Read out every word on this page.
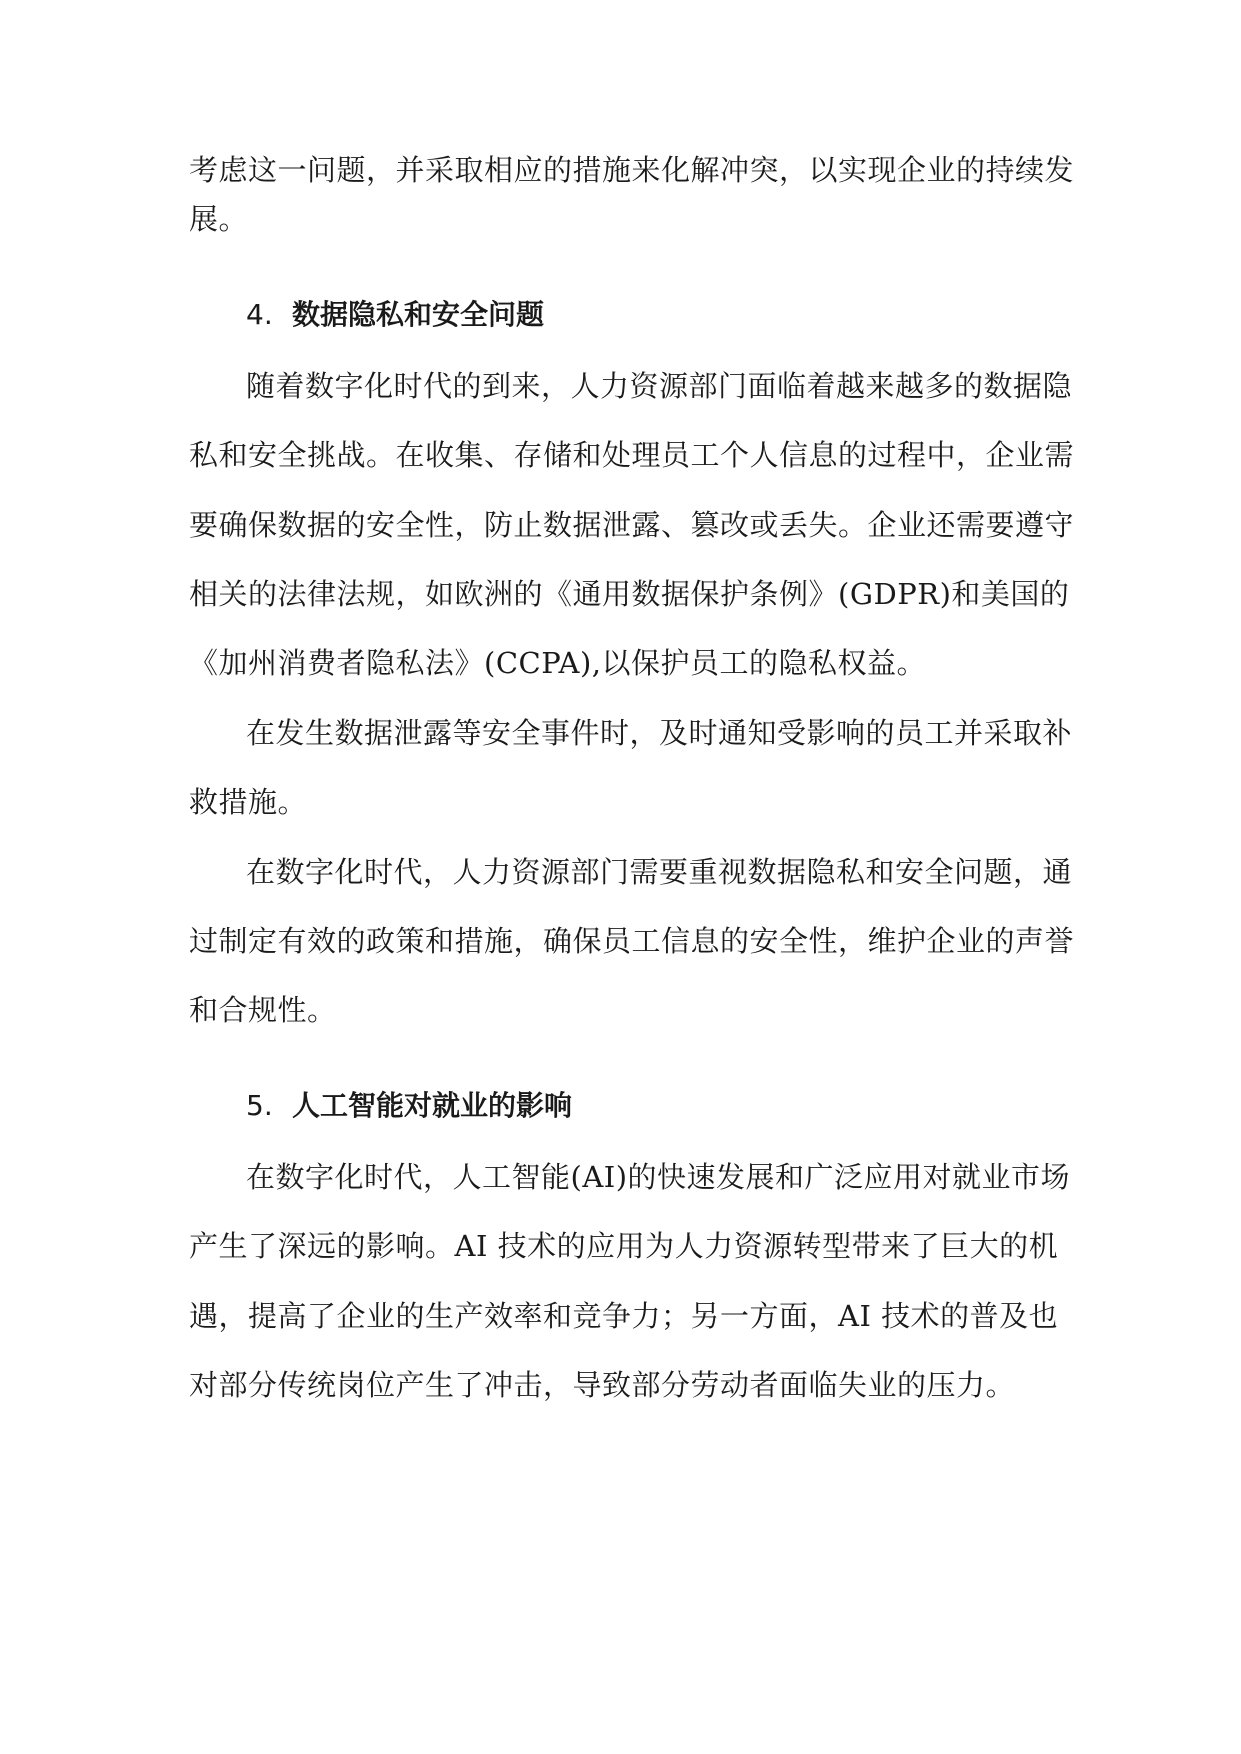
考虑这一问题，并采取相应的措施来化解冲突，以实现企业的持续发
展。
4. 数据隐私和安全问题
随着数字化时代的到来，人力资源部门面临着越来越多的数据隐
私和安全挑战。在收集、存储和处理员工个人信息的过程中，企业需
要确保数据的安全性，防止数据泄露、篡改或丢失。企业还需要遵守
相关的法律法规，如欧洲的《通用数据保护条例》(GDPR)和美国的
《加州消费者隐私法》(CCPA),以保护员工的隐私权益。
在发生数据泄露等安全事件时，及时通知受影响的员工并采取补
救措施。
在数字化时代，人力资源部门需要重视数据隐私和安全问题，通
过制定有效的政策和措施，确保员工信息的安全性，维护企业的声誉
和合规性。
5. 人工智能对就业的影响
在数字化时代，人工智能(AI)的快速发展和广泛应用对就业市场
产生了深远的影响。AI 技术的应用为人力资源转型带来了巨大的机
遇，提高了企业的生产效率和竞争力；另一方面，AI 技术的普及也
对部分传统岗位产生了冲击，导致部分劳动者面临失业的压力。
